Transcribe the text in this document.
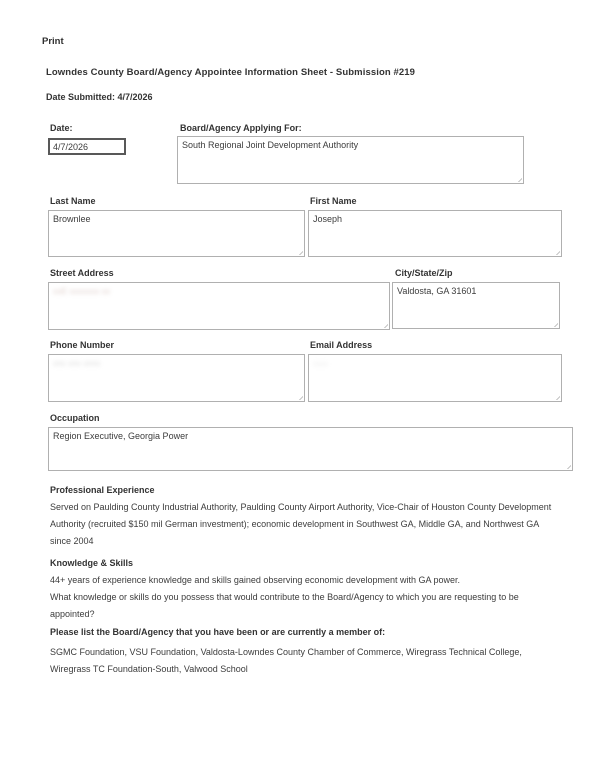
Print
Lowndes County Board/Agency Appointee Information Sheet - Submission #219
Date Submitted: 4/7/2026
Date:
4/7/2026
Board/Agency Applying For:
South Regional Joint Development Authority
Last Name
Brownlee
First Name
Joseph
Street Address
xxE xxxxxxx xx
City/State/Zip
Valdosta, GA 31601
Phone Number
xxx xxx xxxx
Email Address
xxxx
Occupation
Region Executive, Georgia Power
Professional Experience
Served on Paulding County Industrial Authority, Paulding County Airport Authority, Vice-Chair of Houston County Development Authority (recruited $150 mil German investment); economic development in Southwest GA, Middle GA, and Northwest GA since 2004
Knowledge & Skills
44+ years of experience knowledge and skills gained observing economic development with GA power.
What knowledge or skills do you possess that would contribute to the Board/Agency to which you are requesting to be appointed?
Please list the Board/Agency that you have been or are currently a member of:
SGMC Foundation, VSU Foundation, Valdosta-Lowndes County Chamber of Commerce, Wiregrass Technical College, Wiregrass TC Foundation-South, Valwood School
